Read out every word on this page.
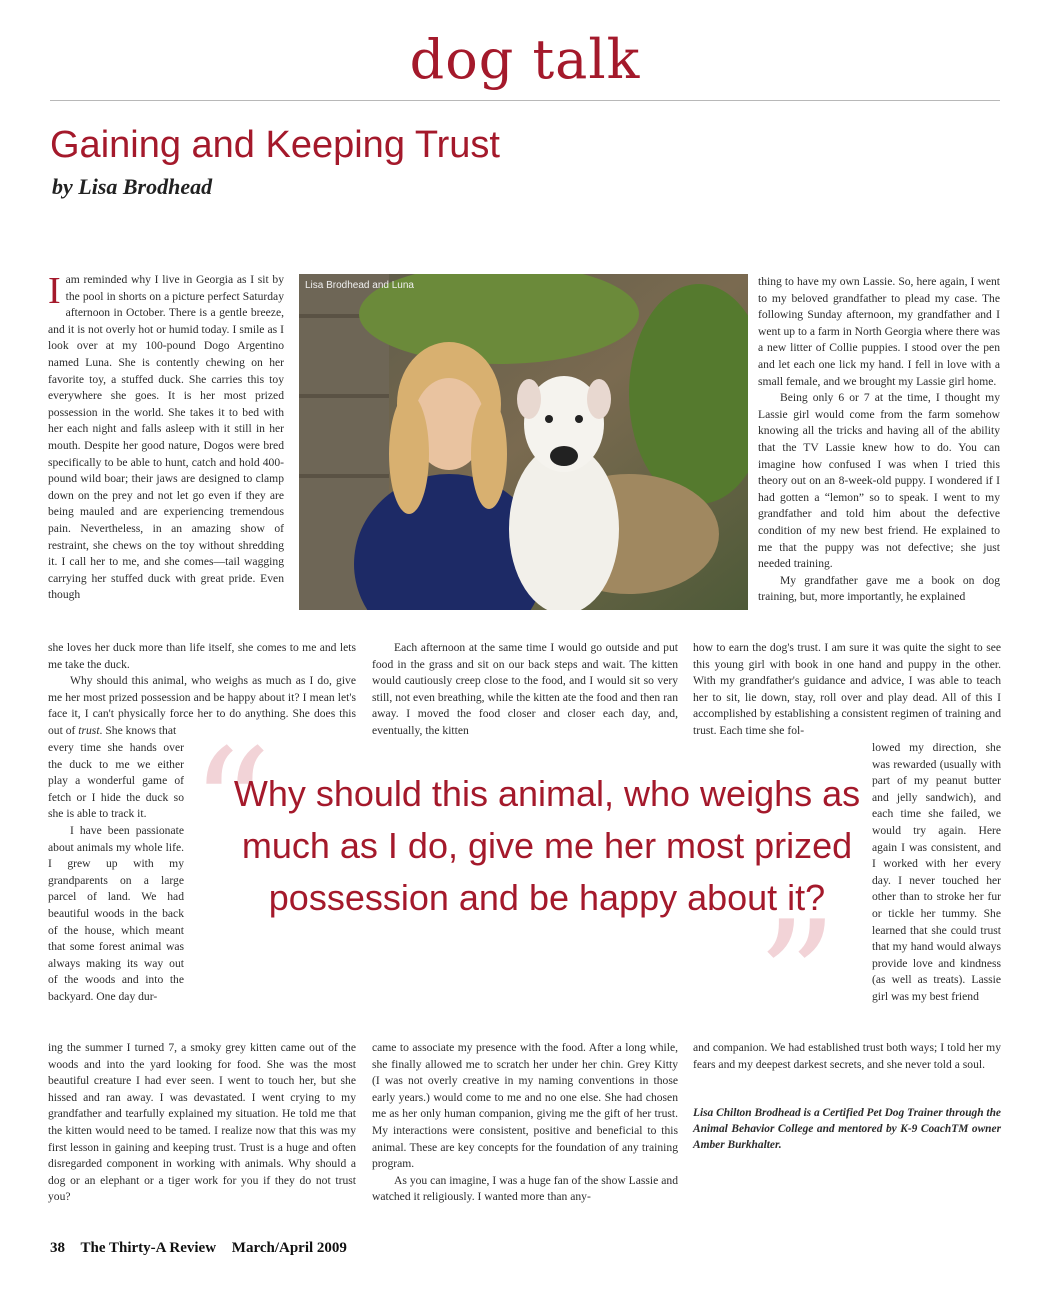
dog talk
Gaining and Keeping Trust
by Lisa Brodhead

Iam reminded why I live in Georgia as I sit by the pool in shorts on a picture perfect Saturday afternoon in October. There is a gentle breeze, and it is not overly hot or humid today. I smile as I look over at my 100-pound Dogo Argentino named Luna. She is contently chewing on her favorite toy, a stuffed duck. She carries this toy everywhere she goes. It is her most prized possession in the world. She takes it to bed with her each night and falls asleep with it still in her mouth. Despite her good nature, Dogos were bred specifically to be able to hunt, catch and hold 400-pound wild boar; their jaws are designed to clamp down on the prey and not let go even if they are being mauled and are experiencing tremendous pain. Nevertheless, in an amazing show of restraint, she chews on the toy without shredding it. I call her to me, and she comes—tail wagging carrying her stuffed duck with great pride. Even though

she loves her duck more than life itself, she comes to me and lets me take the duck.

Why should this animal, who weighs as much as I do, give me her most prized possession and be happy about it? I mean let's face it, I can't physically force her to do anything. She does this out of trust. She knows that

every time she hands over the duck to me we either play a wonderful game of fetch or I hide the duck so she is able to track it.

I have been passionate about animals my whole life. I grew up with my grandparents on a large parcel of land. We had beautiful woods in the back of the house, which meant that some forest animal was always making its way out of the woods and into the backyard. One day dur-

ing the summer I turned 7, a smoky grey kitten came out of the woods and into the yard looking for food. She was the most beautiful creature I had ever seen. I went to touch her, but she hissed and ran away. I was devastated. I went crying to my grandfather and tearfully explained my situation. He told me that the kitten would need to be tamed. I realize now that this was my first lesson in gaining and keeping trust. Trust is a huge and often disregarded component in working with animals. Why should a dog or an elephant or a tiger work for you if they do not trust you?

Each afternoon at the same time I would go outside and put food in the grass and sit on our back steps and wait. The kitten would cautiously creep close to the food, and I would sit so very still, not even breathing, while the kitten ate the food and then ran away. I moved the food closer and closer each day, and, eventually, the kitten

came to associate my presence with the food. After a long while, she finally allowed me to scratch her under her chin. Grey Kitty (I was not overly creative in my naming conventions in those early years.) would come to me and no one else. She had chosen me as her only human companion, giving me the gift of her trust. My interactions were consistent, positive and beneficial to this animal. These are key concepts for the foundation of any training program.

As you can imagine, I was a huge fan of the show Lassie and watched it religiously. I wanted more than any-

thing to have my own Lassie. So, here again, I went to my beloved grandfather to plead my case. The following Sunday afternoon, my grandfather and I went up to a farm in North Georgia where there was a new litter of Collie puppies. I stood over the pen and let each one lick my hand. I fell in love with a small female, and we brought my Lassie girl home.

Being only 6 or 7 at the time, I thought my Lassie girl would come from the farm somehow knowing all the tricks and having all of the ability that the TV Lassie knew how to do. You can imagine how confused I was when I tried this theory out on an 8-week-old puppy. I wondered if I had gotten a “lemon” so to speak. I went to my grandfather and told him about the defective condition of my new best friend. He explained to me that the puppy was not defective; she just needed training.

My grandfather gave me a book on dog training, but, more importantly, he explained

how to earn the dog's trust. I am sure it was quite the sight to see this young girl with book in one hand and puppy in the other. With my grandfather's guidance and advice, I was able to teach her to sit, lie down, stay, roll over and play dead. All of this I accomplished by establishing a consistent regimen of training and trust. Each time she fol-

lowed my direction, she was rewarded (usually with part of my peanut butter and jelly sandwich), and each time she failed, we would try again. Here again I was consistent, and I worked with her every day. I never touched her other than to stroke her fur or tickle her tummy. She learned that she could trust that my hand would always provide love and kindness (as well as treats). Lassie girl was my best friend

and companion. We had established trust both ways; I told her my fears and my deepest darkest secrets, and she never told a soul.

Lisa Brodhead and Luna
“
”
Why should this animal, who weighs as much as I do, give me her most prized possession and be happy about it?
Lisa Chilton Brodhead is a Certified Pet Dog Trainer through the Animal Behavior College and mentored by K-9 CoachTM owner Amber Burkhalter.
38 The Thirty-A Review March/April 2009
